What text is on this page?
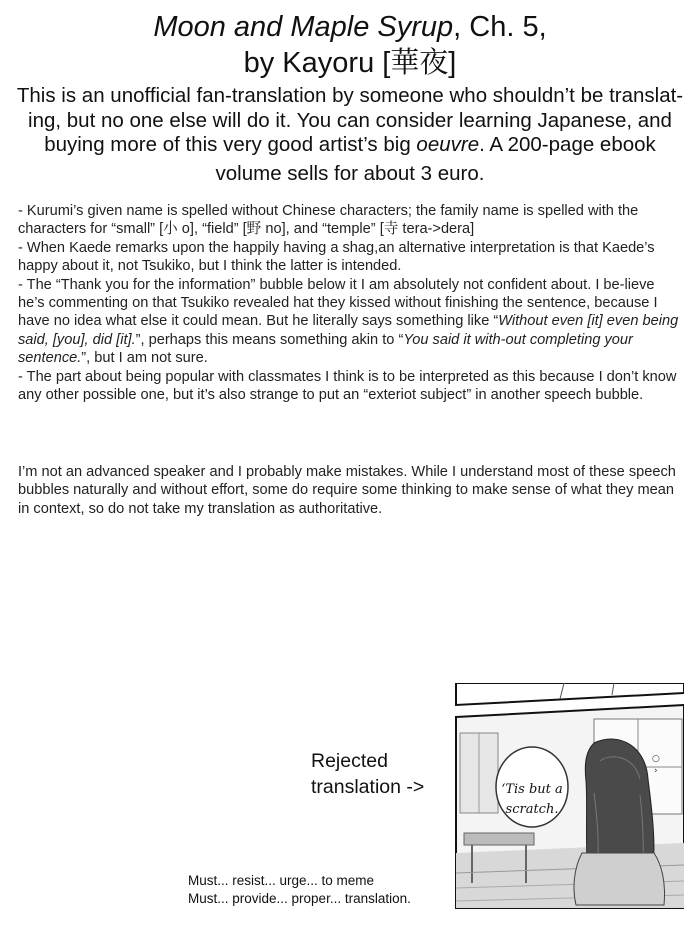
Moon and Maple Syrup, Ch. 5,
by Kayoru [華夜]
This is an unofficial fan-translation by someone who shouldn’t be translat-ing, but no one else will do it. You can consider learning Japanese, and buying more of this very good artist’s big oeuvre. A 200-page ebook
volume sells for about 3 euro.

- Kurumi’s given name is spelled without Chinese characters; the family name is spelled with the characters for “small” [小 o], “field” [野 no], and “temple” [寺 tera->dera]

- When Kaede remarks upon the happily having a shag,an alternative interpretation is that Kaede’s happy about it, not Tsukiko, but I think the latter is intended.

- The “Thank you for the information” bubble below it I am absolutely not confident about. I be-lieve he’s commenting on that Tsukiko revealed hat they kissed without finishing the sentence, because I have no idea what else it could mean. But he literally says something like “Without even [it] even being said, [you], did [it].”, perhaps this means something akin to “You said it with-out completing your sentence.”, but I am not sure.

- The part about being popular with classmates I think is to be interpreted as this because I don’t know any other possible one, but it’s also strange to put an “exteriot subject” in another speech bubble.

I’m not an advanced speaker and I probably make mistakes. While I understand most of these speech bubbles naturally and without effort, some do require some thinking to make sense of what they mean in context, so do not take my translation as authoritative.
Rejected
translation ->
Must... resist... urge... to meme
Must... provide... proper... translation.
‘Tis but a
scratch.
○
›
